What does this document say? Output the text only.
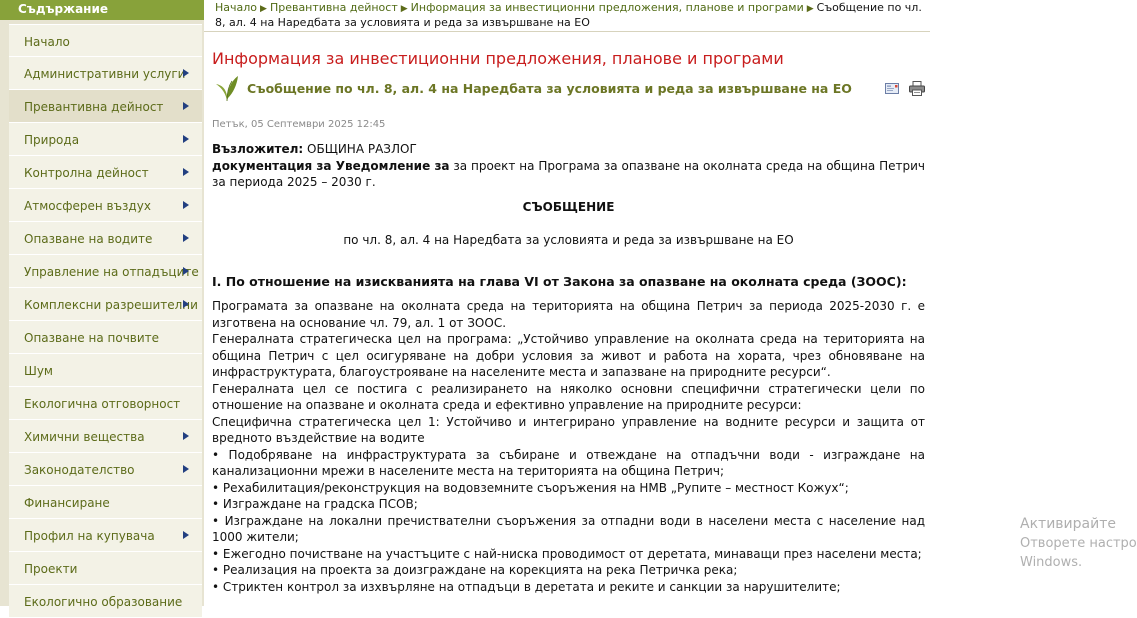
Съдържание
Начало
Административни услуги
Превантивна дейност
Природа
Контролна дейност
Атмосферен въздух
Опазване на водите
Управление на отпадъците
Комплексни разрешителни
Опазване на почвите
Шум
Екологична отговорност
Химични вещества
Законодателство
Финансиране
Профил на купувача
Проекти
Екологично образование
Начало ▶ Превантивна дейност ▶ Информация за инвестиционни предложения, планове и програми ▶ Съобщение по чл. 8, ал. 4 на Наредбата за условията и реда за извършване на ЕО
Информация за инвестиционни предложения, планове и програми
Съобщение по чл. 8, ал. 4 на Наредбата за условията и реда за извършване на ЕО
Петък, 05 Септември 2025 12:45

Възложител: ОБЩИНА РАЗЛОГ

документация за Уведомление за за проект на Програма за опазване на околната среда на община Петрич за периода 2025 – 2030 г.

СЪОБЩЕНИЕ

по чл. 8, ал. 4 на Наредбата за условията и реда за извършване на ЕО

I. По отношение на изискванията на глава VI от Закона за опазване на околната среда (ЗООС):

Програмата за опазване на околната среда на територията на община Петрич за периода 2025-2030 г. е изготвена на основание чл. 79, ал. 1 от ЗООС.

Генералната стратегическа цел на програма: „Устойчиво управление на околната среда на територията на община Петрич с цел осигуряване на добри условия за живот и работа на хората, чрез обновяване на инфраструктурата, благоустрояване на населените места и запазване на природните ресурси“.

Генералната цел се постига с реализирането на няколко основни специфични стратегически цели по отношение на опазване и околната среда и ефективно управление на природните ресурси:

Специфична стратегическа цел 1: Устойчиво и интегрирано управление на водните ресурси и защита от вредното въздействие на водите

• Подобряване на инфраструктурата за събиране и отвеждане на отпадъчни води - изграждане на канализационни мрежи в населените места на територията на община Петрич;

• Рехабилитация/реконструкция на водовземните съоръжения на НМВ „Рупите – местност Кожух“;

• Изграждане на градска ПСОВ;

• Изграждане на локални пречиствателни съоръжения за отпадни води в населени места с население над 1000 жители;

• Ежегодно почистване на участъците с най-ниска проводимост от деретата, минаващи през населени места;

• Реализация на проекта за доизграждане на корекцията на река Петричка река;

• Стриктен контрол за изхвърляне на отпадъци в деретата и реките и санкции за нарушителите;

Активирайте
Отворете настро
Windows.
